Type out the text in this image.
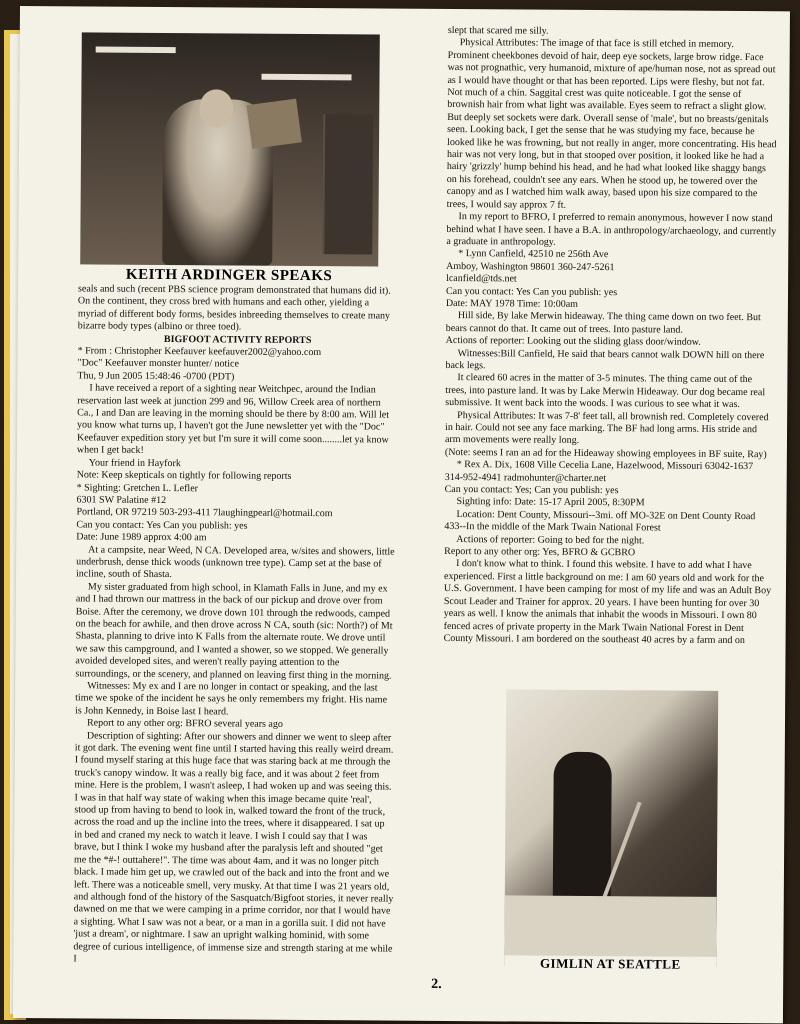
KEITH ARDINGER SPEAKS

seals and such (recent PBS science program demonstrated that humans did it). On the continent, they cross bred with humans and each other, yielding a myriad of different body forms, besides inbreeding themselves to create many bizarre body types (albino or three toed).

BIGFOOT ACTIVITY REPORTS

* From : Christopher Keefauver keefauver2002@yahoo.com

"Doc" Keefauver monster hunter/ notice

Thu, 9 Jun 2005 15:48:46 -0700 (PDT)

I have received a report of a sighting near Weitchpec, around the Indian reservation last week at junction 299 and 96, Willow Creek area of northern Ca., I and Dan are leaving in the morning should be there by 8:00 am. Will let you know what turns up, I haven't got the June newsletter yet with the "Doc" Keefauver expedition story yet but I'm sure it will come soon........let ya know when I get back!

Your friend in Hayfork

Note: Keep skepticals on tightly for following reports

* Sighting: Gretchen L. Lefler

6301 SW Palatine #12

Portland, OR 97219 503-293-411 7laughingpearl@hotmail.com

Can you contact: Yes Can you publish: yes

Date: June 1989 approx 4:00 am

At a campsite, near Weed, N CA. Developed area, w/sites and showers, little underbrush, dense thick woods (unknown tree type). Camp set at the base of incline, south of Shasta.

My sister graduated from high school, in Klamath Falls in June, and my ex and I had thrown our mattress in the back of our pickup and drove over from Boise. After the ceremony, we drove down 101 through the redwoods, camped on the beach for awhile, and then drove across N CA, south (sic: North?) of Mt Shasta, planning to drive into K Falls from the alternate route. We drove until we saw this campground, and I wanted a shower, so we stopped. We generally avoided developed sites, and weren't really paying attention to the surroundings, or the scenery, and planned on leaving first thing in the morning.

Witnesses: My ex and I are no longer in contact or speaking, and the last time we spoke of the incident he says he only remembers my fright. His name is John Kennedy, in Boise last I heard.

Report to any other org: BFRO several years ago

Description of sighting: After our showers and dinner we went to sleep after it got dark. The evening went fine until I started having this really weird dream. I found myself staring at this huge face that was staring back at me through the truck's canopy window. It was a really big face, and it was about 2 feet from mine. Here is the problem, I wasn't asleep, I had woken up and was seeing this. I was in that half way state of waking when this image became quite 'real', stood up from having to bend to look in, walked toward the front of the truck, across the road and up the incline into the trees, where it disappeared. I sat up in bed and craned my neck to watch it leave. I wish I could say that I was brave, but I think I woke my husband after the paralysis left and shouted "get me the *#-! outtahere!". The time was about 4am, and it was no longer pitch black. I made him get up, we crawled out of the back and into the front and we left. There was a noticeable smell, very musky. At that time I was 21 years old, and although fond of the history of the Sasquatch/Bigfoot stories, it never really dawned on me that we were camping in a prime corridor, nor that I would have a sighting. What I saw was not a bear, or a man in a gorilla suit. I did not have 'just a dream', or nightmare. I saw an upright walking hominid, with some degree of curious intelligence, of immense size and strength staring at me while I

slept that scared me silly.

Physical Attributes: The image of that face is still etched in memory. Prominent cheekbones devoid of hair, deep eye sockets, large brow ridge. Face was not prognathic, very humanoid, mixture of ape/human nose, not as spread out as I would have thought or that has been reported. Lips were fleshy, but not fat. Not much of a chin. Saggital crest was quite noticeable. I got the sense of brownish hair from what light was available. Eyes seem to refract a slight glow. But deeply set sockets were dark. Overall sense of 'male', but no breasts/genitals seen. Looking back, I get the sense that he was studying my face, because he looked like he was frowning, but not really in anger, more concentrating. His head hair was not very long, but in that stooped over position, it looked like he had a hairy 'grizzly' hump behind his head, and he had what looked like shaggy bangs on his forehead, couldn't see any ears. When he stood up, he towered over the canopy and as I watched him walk away, based upon his size compared to the trees, I would say approx 7 ft.

In my report to BFRO, I preferred to remain anonymous, however I now stand behind what I have seen. I have a B.A. in anthropology/archaeology, and currently a graduate in anthropology.

* Lynn Canfield, 42510 ne 256th Ave

Amboy, Washington 98601 360-247-5261

lcanfield@tds.net

Can you contact: Yes Can you publish: yes

Date: MAY 1978 Time: 10:00am

Hill side, By lake Merwin hideaway. The thing came down on two feet. But bears cannot do that. It came out of trees. Into pasture land.

Actions of reporter: Looking out the sliding glass door/window.

Witnesses:Bill Canfield, He said that bears cannot walk DOWN hill on there back legs.

It cleared 60 acres in the matter of 3-5 minutes. The thing came out of the trees, into pasture land. It was by Lake Merwin Hideaway. Our dog became real submissive. It went back into the woods. I was curious to see what it was.

Physical Attributes: It was 7-8' feet tall, all brownish red. Completely covered in hair. Could not see any face marking. The BF had long arms. His stride and arm movements were really long.

(Note: seems I ran an ad for the Hideaway showing employees in BF suite, Ray)

* Rex A. Dix, 1608 Ville Cecelia Lane, Hazelwood, Missouri 63042-1637

314-952-4941 radmohunter@charter.net

Can you contact: Yes; Can you publish: yes

Sighting info: Date: 15-17 April 2005, 8:30PM

Location: Dent County, Missouri--3mi. off MO-32E on Dent County Road 433--In the middle of the Mark Twain National Forest

Actions of reporter: Going to bed for the night.

Report to any other org: Yes, BFRO & GCBRO

I don't know what to think. I found this website. I have to add what I have experienced. First a little background on me: I am 60 years old and work for the U.S. Government. I have been camping for most of my life and was an Adult Boy Scout Leader and Trainer for approx. 20 years. I have been hunting for over 30 years as well. I know the animals that inhabit the woods in Missouri. I own 80 fenced acres of private property in the Mark Twain National Forest in Dent County Missouri. I am bordered on the southeast 40 acres by a farm and on

GIMLIN AT SEATTLE
2.
